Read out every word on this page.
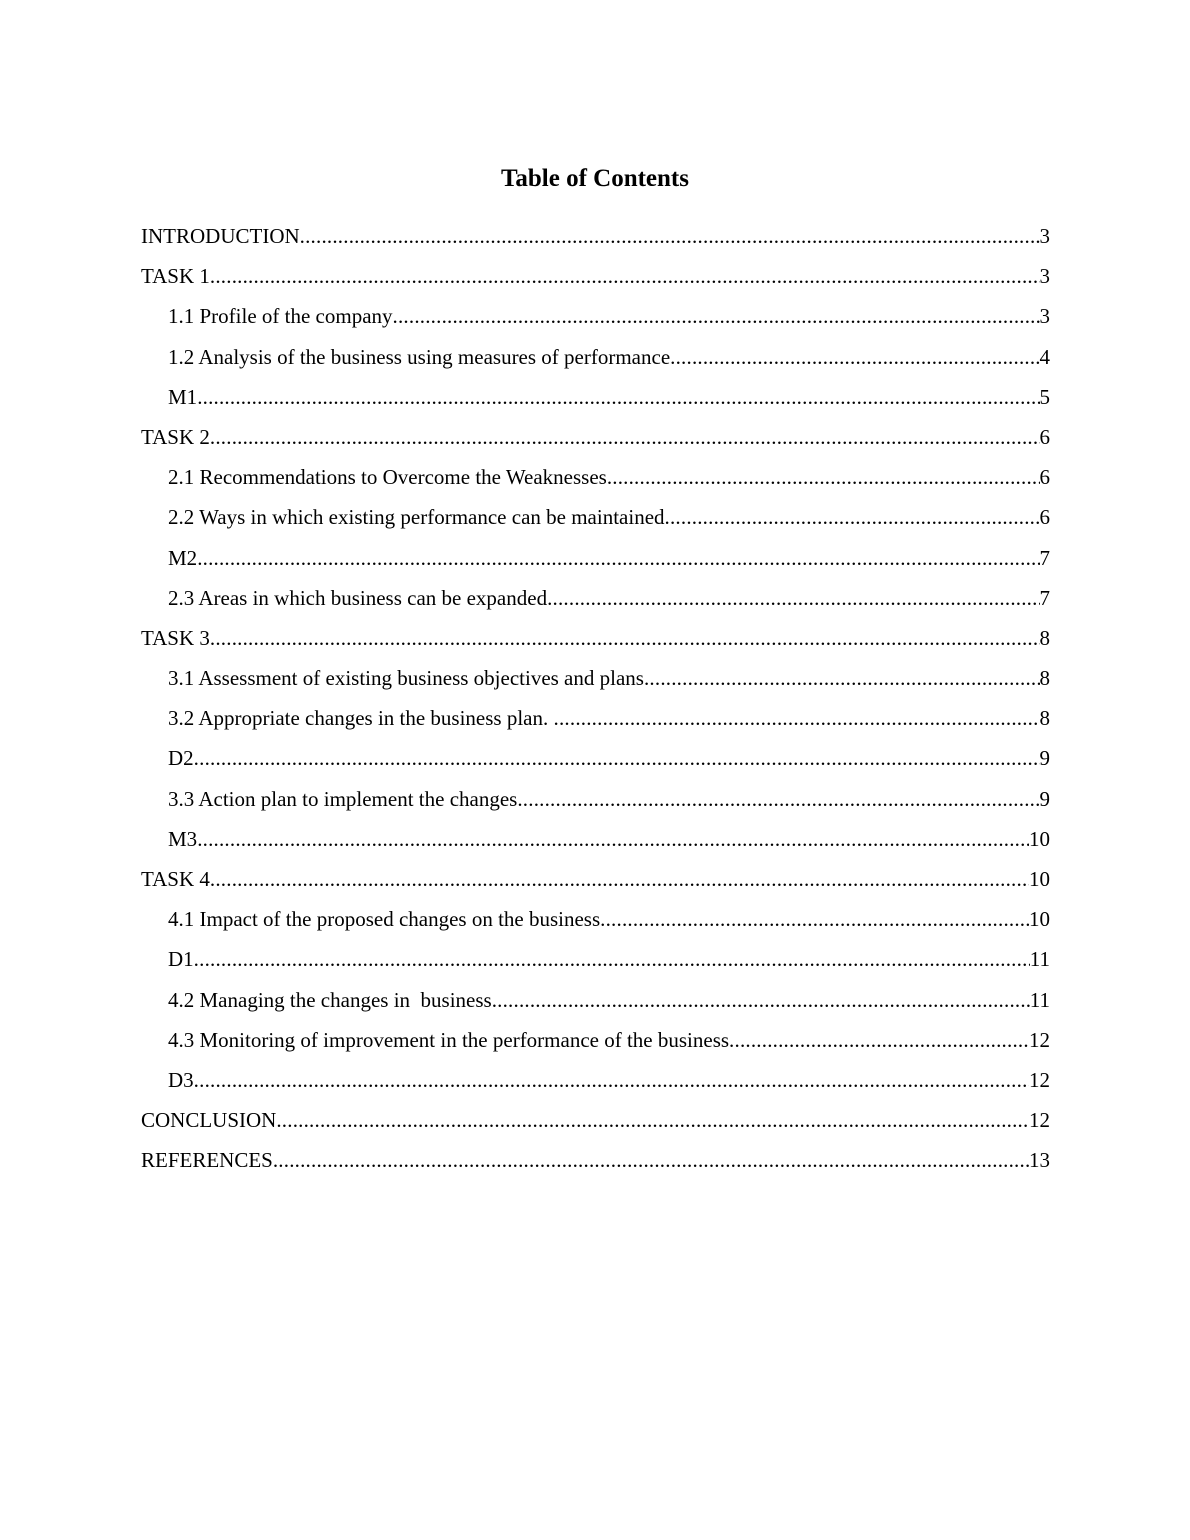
Table of Contents
INTRODUCTION .....	3
TASK 1 .....	3
1.1 Profile of the company .....	3
1.2 Analysis of the business using measures of performance .....	4
M1 .....	5
TASK 2 .....	6
2.1 Recommendations to Overcome the Weaknesses .....	6
2.2 Ways in which existing performance can be maintained .....	6
M2 .....	7
2.3 Areas in which business can be expanded .....	7
TASK 3 .....	8
3.1 Assessment of existing business objectives and plans .....	8
3.2 Appropriate changes in the business plan. .....	8
D2 .....	9
3.3 Action plan to implement the changes .....	9
M3 .....	10
TASK 4 .....	10
4.1 Impact of the proposed changes on the business .....	10
D1 .....	11
4.2 Managing the changes in  business .....	11
4.3 Monitoring of improvement in the performance of the business .....	12
D3 .....	12
CONCLUSION .....	12
REFERENCES .....	13
